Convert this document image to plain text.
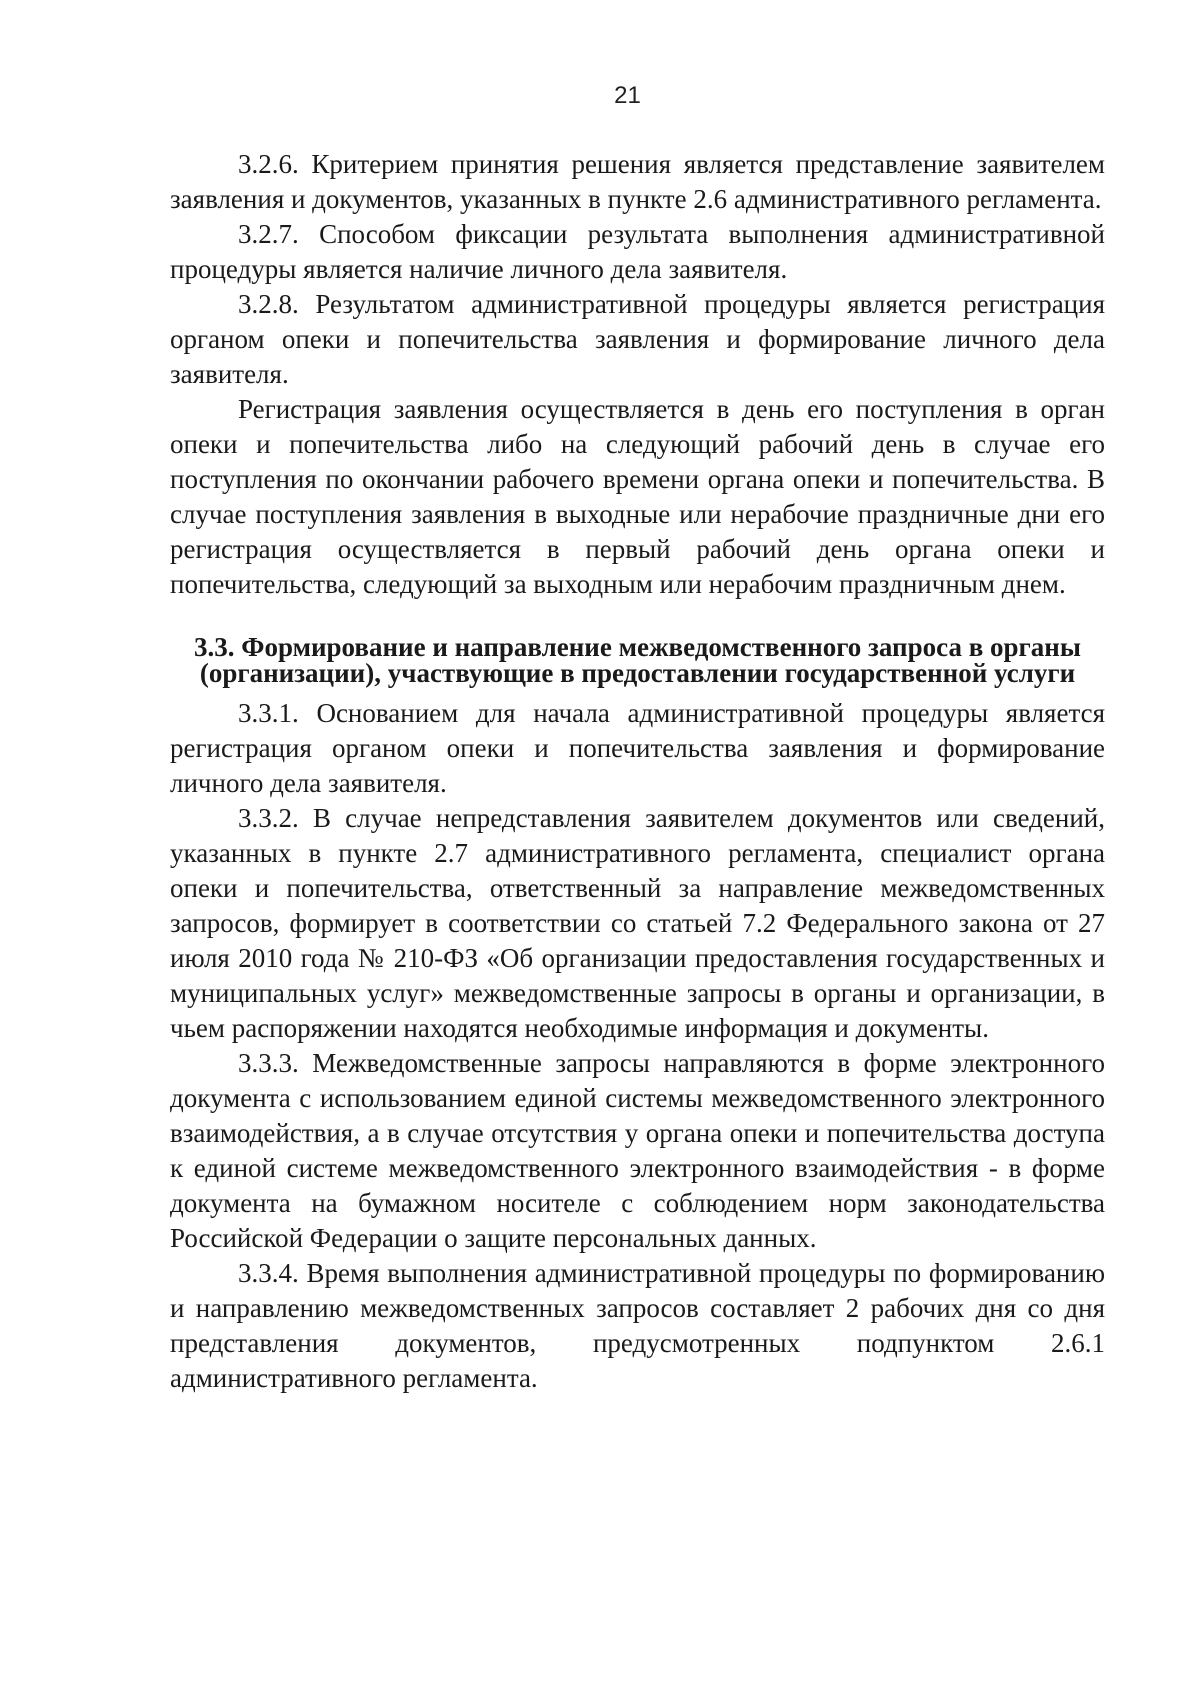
21

3.2.6. Критерием принятия решения является представление заявителем заявления и документов, указанных в пункте 2.6 административного регламента.

3.2.7. Способом фиксации результата выполнения административной процедуры является наличие личного дела заявителя.

3.2.8. Результатом административной процедуры является регистрация органом опеки и попечительства заявления и формирование личного дела заявителя.

Регистрация заявления осуществляется в день его поступления в орган опеки и попечительства либо на следующий рабочий день в случае его поступления по окончании рабочего времени органа опеки и попечительства. В случае поступления заявления в выходные или нерабочие праздничные дни его регистрация осуществляется в первый рабочий день органа опеки и попечительства, следующий за выходным или нерабочим праздничным днем.

3.3. Формирование и направление межведомственного запроса в органы (организации), участвующие в предоставлении государственной услуги

3.3.1. Основанием для начала административной процедуры является регистрация органом опеки и попечительства заявления и формирование личного дела заявителя.

3.3.2. В случае непредставления заявителем документов или сведений, указанных в пункте 2.7 административного регламента, специалист органа опеки и попечительства, ответственный за направление межведомственных запросов, формирует в соответствии со статьей 7.2 Федерального закона от 27 июля 2010 года № 210-ФЗ «Об организации предоставления государственных и муниципальных услуг» межведомственные запросы в органы и организации, в чьем распоряжении находятся необходимые информация и документы.

3.3.3. Межведомственные запросы направляются в форме электронного документа с использованием единой системы межведомственного электронного взаимодействия, а в случае отсутствия у органа опеки и попечительства доступа к единой системе межведомственного электронного взаимодействия - в форме документа на бумажном носителе с соблюдением норм законодательства Российской Федерации о защите персональных данных.

3.3.4. Время выполнения административной процедуры по формированию и направлению межведомственных запросов составляет 2 рабочих дня со дня представления документов, предусмотренных подпунктом 2.6.1 административного регламента.
